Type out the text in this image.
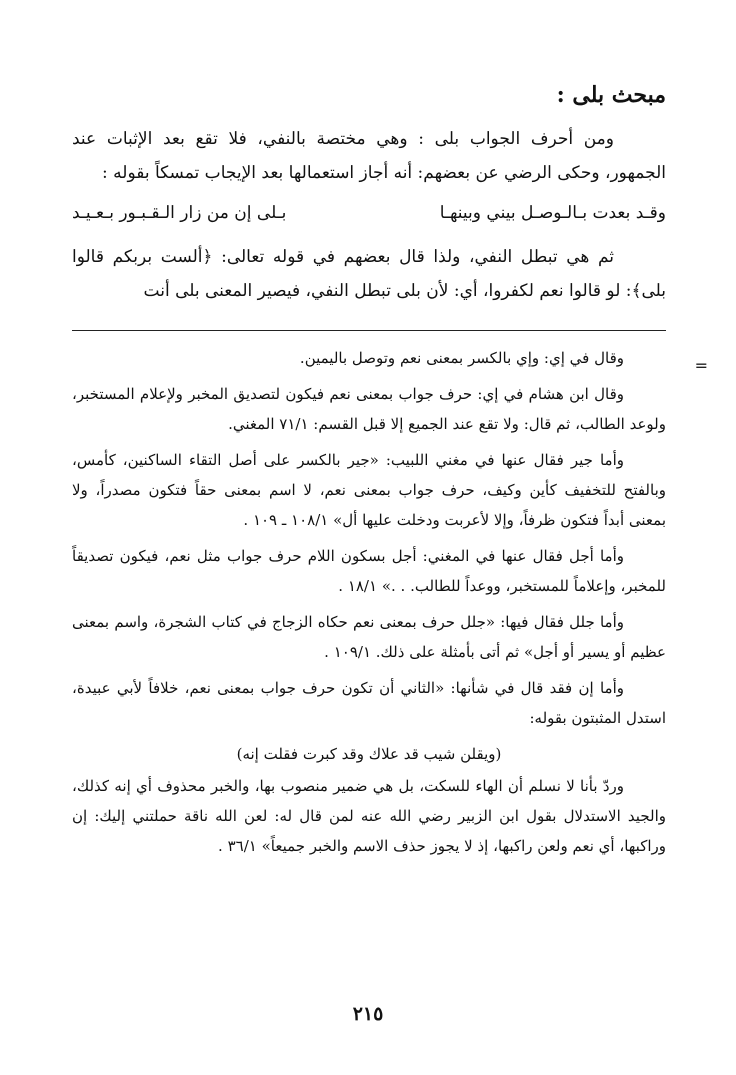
مبحث بلى :

ومن أحرف الجواب بلى : وهي مختصة بالنفي، فلا تقع بعد الإثبات عند الجمهور، وحكى الرضي عن بعضهم: أنه أجاز استعمالها بعد الإيجاب تمسكاً بقوله :

وقـد بعدت بـالـوصـل بيني وبينهـا
بـلى إن من زار الـقـبـور بـعـيـد

ثم هي تبطل النفي، ولذا قال بعضهم في قوله تعالى: ﴿ألست بربكم قالوا بلى﴾: لو قالوا نعم لكفروا، أي: لأن بلى تبطل النفي، فيصير المعنى بلى أنت

وقال في إي: وإي بالكسر بمعنى نعم وتوصل باليمين.

وقال ابن هشام في إي: حرف جواب بمعنى نعم فيكون لتصديق المخبر ولإعلام المستخبر، ولوعد الطالب، ثم قال: ولا تقع عند الجميع إلا قبل القسم: ٧١/١ المغني.

وأما جير فقال عنها في مغني اللبيب: «جير بالكسر على أصل التقاء الساكنين، كأمس، وبالفتح للتخفيف كأين وكيف، حرف جواب بمعنى نعم، لا اسم بمعنى حقاً فتكون مصدراً، ولا بمعنى أبداً فتكون ظرفاً، وإلا لأعربت ودخلت عليها أل» ١٠٨/١ ـ ١٠٩ .

وأما أجل فقال عنها في المغني: أجل بسكون اللام حرف جواب مثل نعم، فيكون تصديقاً للمخبر، وإعلاماً للمستخبر، ووعداً للطالب. . .» ١٨/١ .

وأما جلل فقال فيها: «جلل حرف بمعنى نعم حكاه الزجاج في كتاب الشجرة، واسم بمعنى عظيم أو يسير أو أجل» ثم أتى بأمثلة على ذلك. ١٠٩/١ .

وأما إن فقد قال في شأنها: «الثاني أن تكون حرف جواب بمعنى نعم، خلافاً لأبي عبيدة، استدل المثبتون بقوله:

(ويقلن شيب قد علاك وقد كبرت فقلت إنه)

وردّ بأنا لا نسلم أن الهاء للسكت، بل هي ضمير منصوب بها، والخبر محذوف أي إنه كذلك، والجيد الاستدلال بقول ابن الزبير رضي الله عنه لمن قال له: لعن الله ناقة حملتني إليك: إن وراكبها، أي نعم ولعن راكبها، إذ لا يجوز حذف الاسم والخبر جميعاً» ٣٦/١ .

=
٢١٥
